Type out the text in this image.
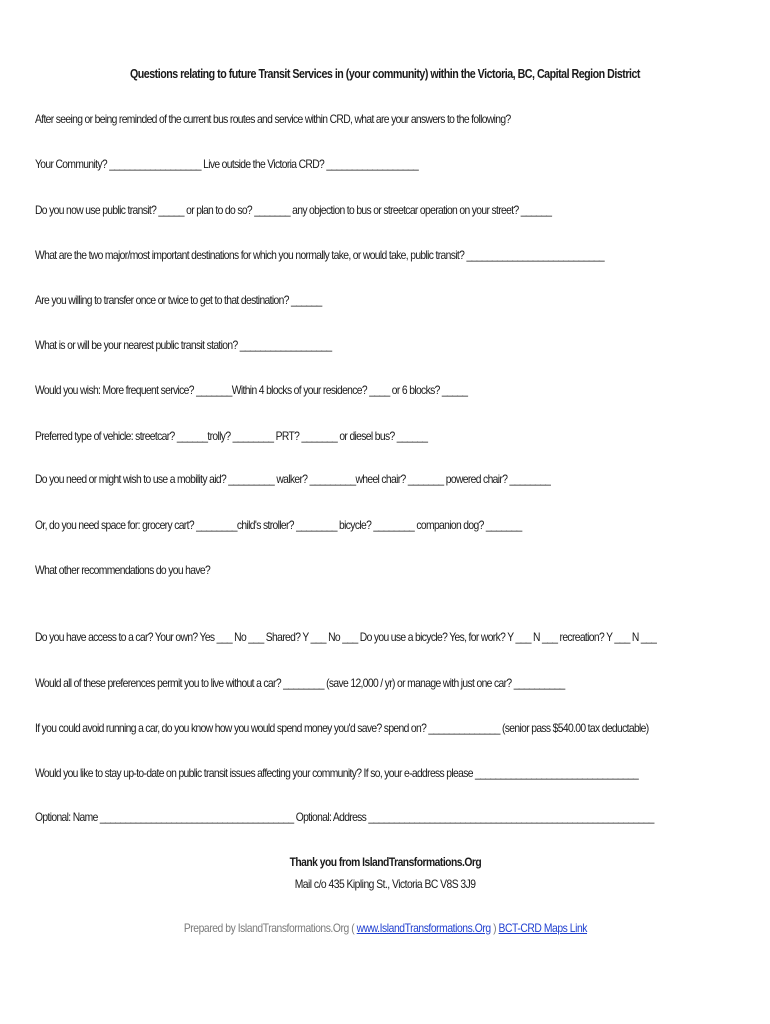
Questions relating to future Transit Services in (your community) within the Victoria, BC, Capital Region District
After seeing or being reminded of the current bus routes and service within CRD, what are your answers to the following?
Your Community? __________________ Live outside the Victoria CRD? __________________
Do you now use public transit? _____ or plan to do so? _______ any objection to bus or streetcar operation on your street? ______
What are the two major/most important destinations for which you normally take, or would take, public transit? ___________________________
Are you willing to transfer once or twice to get to that destination? ______
What is or will be your nearest public transit station? __________________
Would you wish: More frequent service? _______Within 4 blocks of your residence? ____ or 6 blocks? _____
Preferred type of vehicle: streetcar? ______trolly? ________ PRT? _______ or diesel bus? ______
Do you need or might wish to use a mobility aid? _________ walker? _________wheel chair? _______ powered chair? ________
Or, do you need space for: grocery cart? ________child's stroller? ________ bicycle? ________ companion dog? _______
What other recommendations do you have?
Do you have access to a car? Your own? Yes ___ No ___ Shared? Y ___ No ___ Do you use a bicycle? Yes, for work? Y ___ N ___ recreation? Y ___ N ___
Would all of these preferences permit you to live without a car? ________ (save 12,000 / yr) or manage with just one car? __________
If you could avoid running a car, do you know how you would spend money you'd save? spend on? ______________ (senior pass $540.00 tax deductable)
Would you like to stay up-to-date on public transit issues affecting your community? If so, your e-address please ________________________________
Optional: Name ______________________________________ Optional: Address ________________________________________________________
Thank you from IslandTransformations.Org
Mail c/o 435 Kipling St., Victoria BC V8S 3J9
Prepared by IslandTransformations.Org ( www.IslandTransformations.Org ) BCT-CRD Maps Link
